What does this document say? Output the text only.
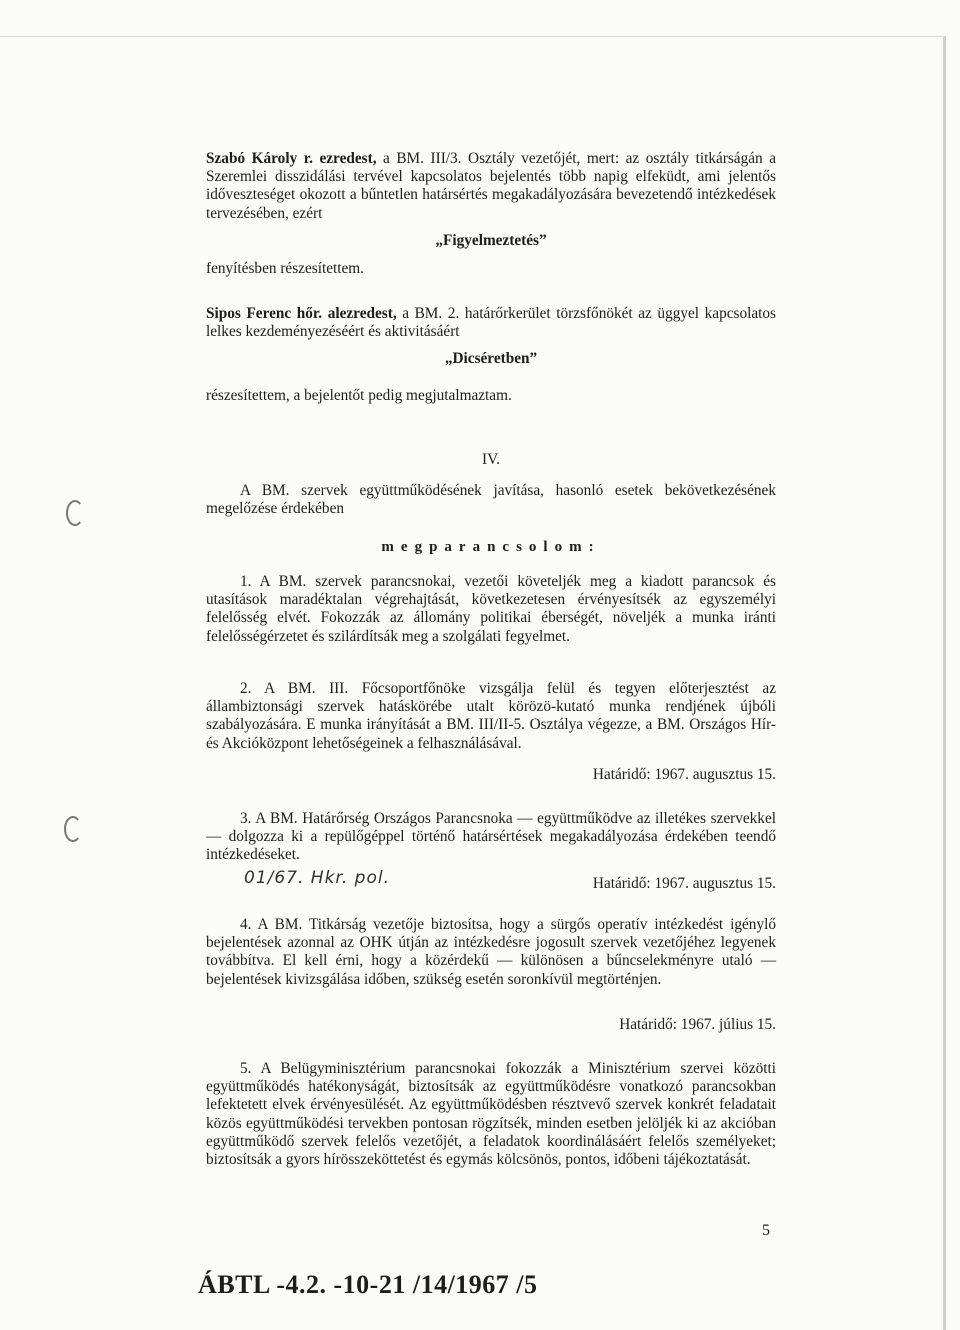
Szabó Károly r. ezredest, a BM. III/3. Osztály vezetőjét, mert: az osztály titkárságán a Szeremlei disszidálási tervével kapcsolatos bejelentés több napig elfeküdt, ami jelentős időveszteséget okozott a bűntetlen határsértés megakadályozására bevezetendő intézkedések tervezésében, ezért
„Figyelmeztetés”
fenyítésben részesítettem.
Sipos Ferenc hőr. alezredest, a BM. 2. határőrkerület törzsfőnökét az üggyel kapcsolatos lelkes kezdeményezéséért és aktivitásáért
„Dicséretben”
részesítettem, a bejelentőt pedig megjutalmaztam.
IV.
A BM. szervek együttműködésének javítása, hasonló esetek bekövetkezésének megelőzése érdekében
megparancsolom:
1. A BM. szervek parancsnokai, vezetői követeljék meg a kiadott parancsok és utasítások maradéktalan végrehajtását, következetesen érvényesítsék az egyszemélyi felelősség elvét. Fokozzák az állomány politikai éberségét, növeljék a munka iránti felelősségérzetet és szilárdítsák meg a szolgálati fegyelmet.
2. A BM. III. Főcsoportfőnöke vizsgálja felül és tegyen előterjesztést az állambiztonsági szervek hatáskörébe utalt körözö-kutató munka rendjének újbóli szabályozására. E munka irányítását a BM. III/II-5. Osztálya végezze, a BM. Országos Hír- és Akcióközpont lehetőségeinek a felhasználásával.
Határidő: 1967. augusztus 15.
3. A BM. Határőrség Országos Parancsnoka — együttműködve az illetékes szervekkel — dolgozza ki a repülőgéppel történő határsértések megakadályozása érdekében teendő intézkedéseket.
Határidő: 1967. augusztus 15.
01/67. Hkr. pol.
4. A BM. Titkárság vezetője biztosítsa, hogy a sürgős operatív intézkedést igénylő bejelentések azonnal az OHK útján az intézkedésre jogosult szervek vezetőjéhez legyenek továbbítva. El kell érni, hogy a közérdekű — különösen a bűncselekményre utaló — bejelentések kivizsgálása időben, szükség esetén soronkívül megtörténjen.
Határidő: 1967. július 15.
5. A Belügyminisztérium parancsnokai fokozzák a Minisztérium szervei közötti együttműködés hatékonyságát, biztosítsák az együttműködésre vonatkozó parancsokban lefektetett elvek érvényesülését. Az együttműködésben résztvevő szervek konkrét feladatait közös együttműködési tervekben pontosan rögzítsék, minden esetben jelöljék ki az akcióban együttműködő szervek felelős vezetőjét, a feladatok koordinálásáért felelős személyeket; biztosítsák a gyors hírösszeköttetést és egymás kölcsönös, pontos, időbeni tájékoztatását.
5
ÁBTL -4.2. -10-21 /14/1967 /5
